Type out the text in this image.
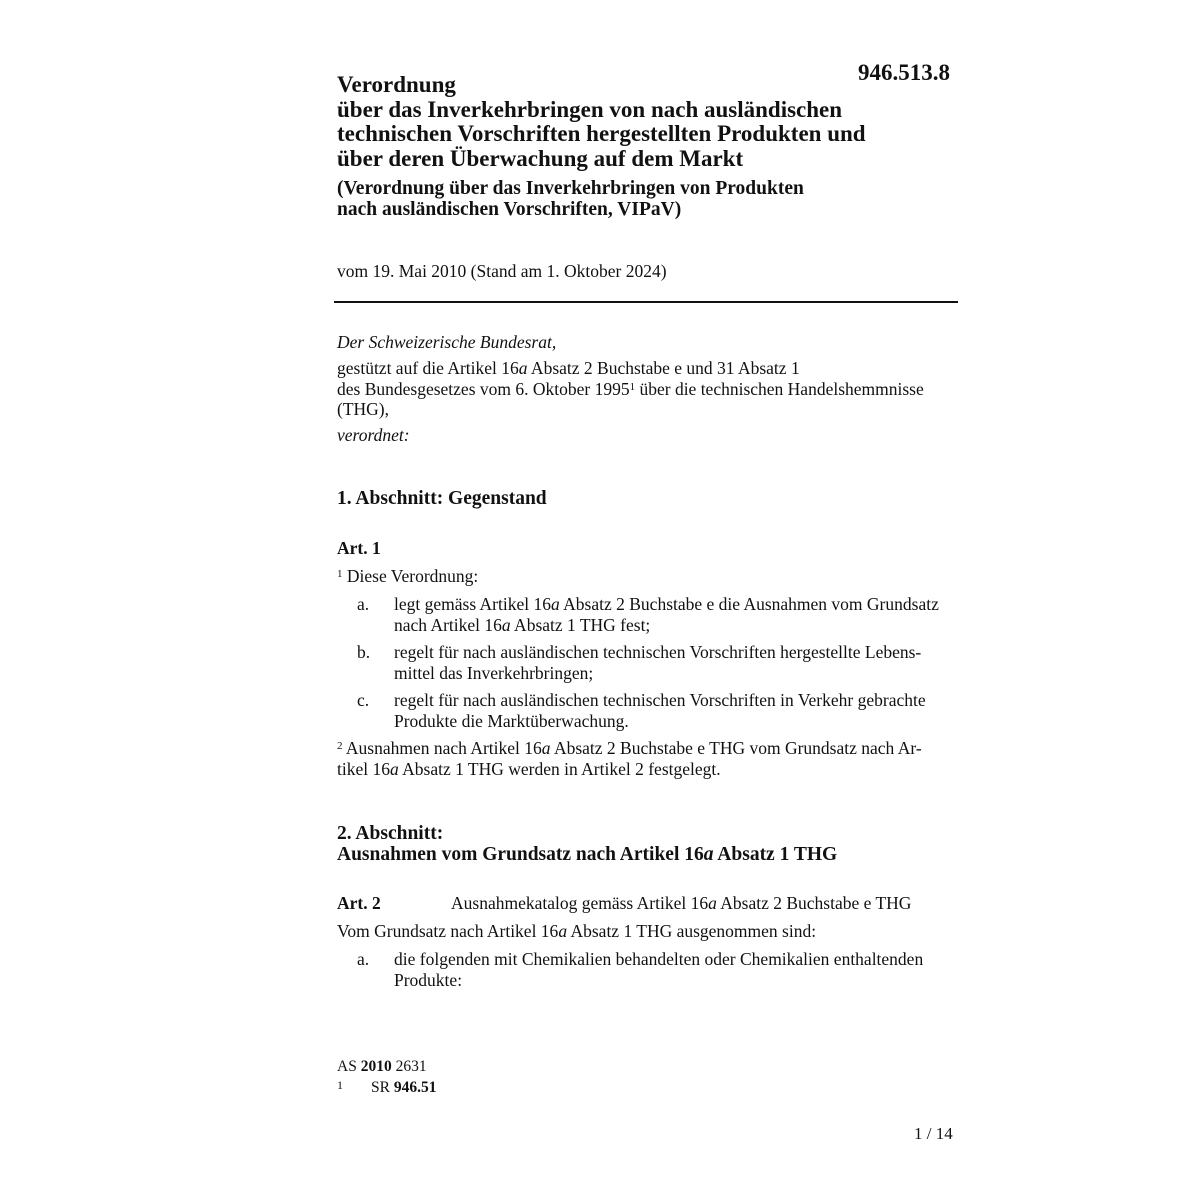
946.513.8
Verordnung
über das Inverkehrbringen von nach ausländischen
technischen Vorschriften hergestellten Produkten und
über deren Überwachung auf dem Markt
(Verordnung über das Inverkehrbringen von Produkten
nach ausländischen Vorschriften, VIPaV)
vom 19. Mai 2010 (Stand am 1. Oktober 2024)
Der Schweizerische Bundesrat,
gestützt auf die Artikel 16a Absatz 2 Buchstabe e und 31 Absatz 1
des Bundesgesetzes vom 6. Oktober 1995$^1$ über die technischen Handelshemmnisse
(THG),
verordnet:
1. Abschnitt: Gegenstand
Art. 1
$^1$ Diese Verordnung:
a. legt gemäss Artikel 16a Absatz 2 Buchstabe e die Ausnahmen vom Grundsatz
nach Artikel 16a Absatz 1 THG fest;
b. regelt für nach ausländischen technischen Vorschriften hergestellte Lebens-
mittel das Inverkehrbringen;
c. regelt für nach ausländischen technischen Vorschriften in Verkehr gebrachte
Produkte die Marktüberwachung.
$^2$ Ausnahmen nach Artikel 16a Absatz 2 Buchstabe e THG vom Grundsatz nach Ar-
tikel 16a Absatz 1 THG werden in Artikel 2 festgelegt.
2. Abschnitt:
Ausnahmen vom Grundsatz nach Artikel 16a Absatz 1 THG
Art. 2	Ausnahmekatalog gemäss Artikel 16a Absatz 2 Buchstabe e THG
Vom Grundsatz nach Artikel 16a Absatz 1 THG ausgenommen sind:
a. die folgenden mit Chemikalien behandelten oder Chemikalien enthaltenden
Produkte:
AS 2010 2631
1 SR 946.51
1 / 14
